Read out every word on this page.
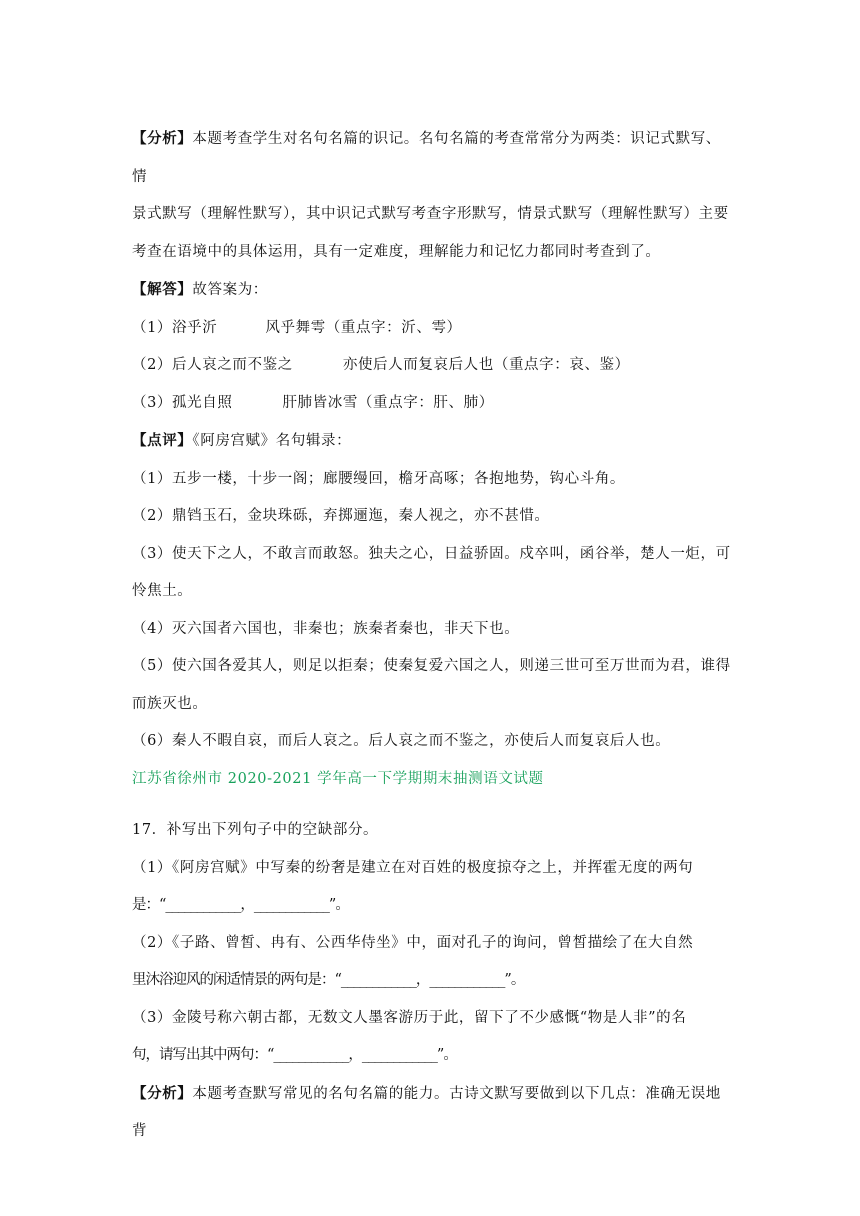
【分析】本题考查学生对名句名篇的识记。名句名篇的考查常常分为两类：识记式默写、情
景式默写（理解性默写），其中识记式默写考查字形默写，情景式默写（理解性默写）主要
考查在语境中的具体运用，具有一定难度，理解能力和记忆力都同时考查到了。

【解答】故答案为：

（1）浴乎沂	风乎舞雩（重点字：沂、雩）

（2）后人哀之而不鉴之	亦使后人而复哀后人也（重点字：哀、鉴）

（3）孤光自照	肝肺皆冰雪（重点字：肝、肺）

【点评】《阿房宫赋》名句辑录：

（1）五步一楼，十步一阁；廊腰缦回，檐牙高啄；各抱地势，钩心斗角。

（2）鼎铛玉石，金块珠砾，弃掷逦迤，秦人视之，亦不甚惜。

（3）使天下之人，不敢言而敢怒。独夫之心，日益骄固。戍卒叫，函谷举，楚人一炬，可
怜焦土。

（4）灭六国者六国也，非秦也；族秦者秦也，非天下也。

（5）使六国各爱其人，则足以拒秦；使秦复爱六国之人，则递三世可至万世而为君，谁得
而族灭也。

（6）秦人不暇自哀，而后人哀之。后人哀之而不鉴之，亦使后人而复哀后人也。

江苏省徐州市 2020-2021 学年高一下学期期末抽测语文试题

17．补写出下列句子中的空缺部分。

（1）《阿房宫赋》中写秦的纷奢是建立在对百姓的极度掠夺之上，并挥霍无度的两句
是：“____________，____________”。

（2）《子路、曾皙、冉有、公西华侍坐》中，面对孔子的询问，曾皙描绘了在大自然
里沐浴迎风的闲适情景的两句是：“____________，____________”。

（3）金陵号称六朝古都，无数文人墨客游历于此，留下了不少感慨“物是人非”的名
句，请写出其中两句：“____________，____________”。

【分析】本题考查默写常见的名句名篇的能力。古诗文默写要做到以下几点：准确无误地背
